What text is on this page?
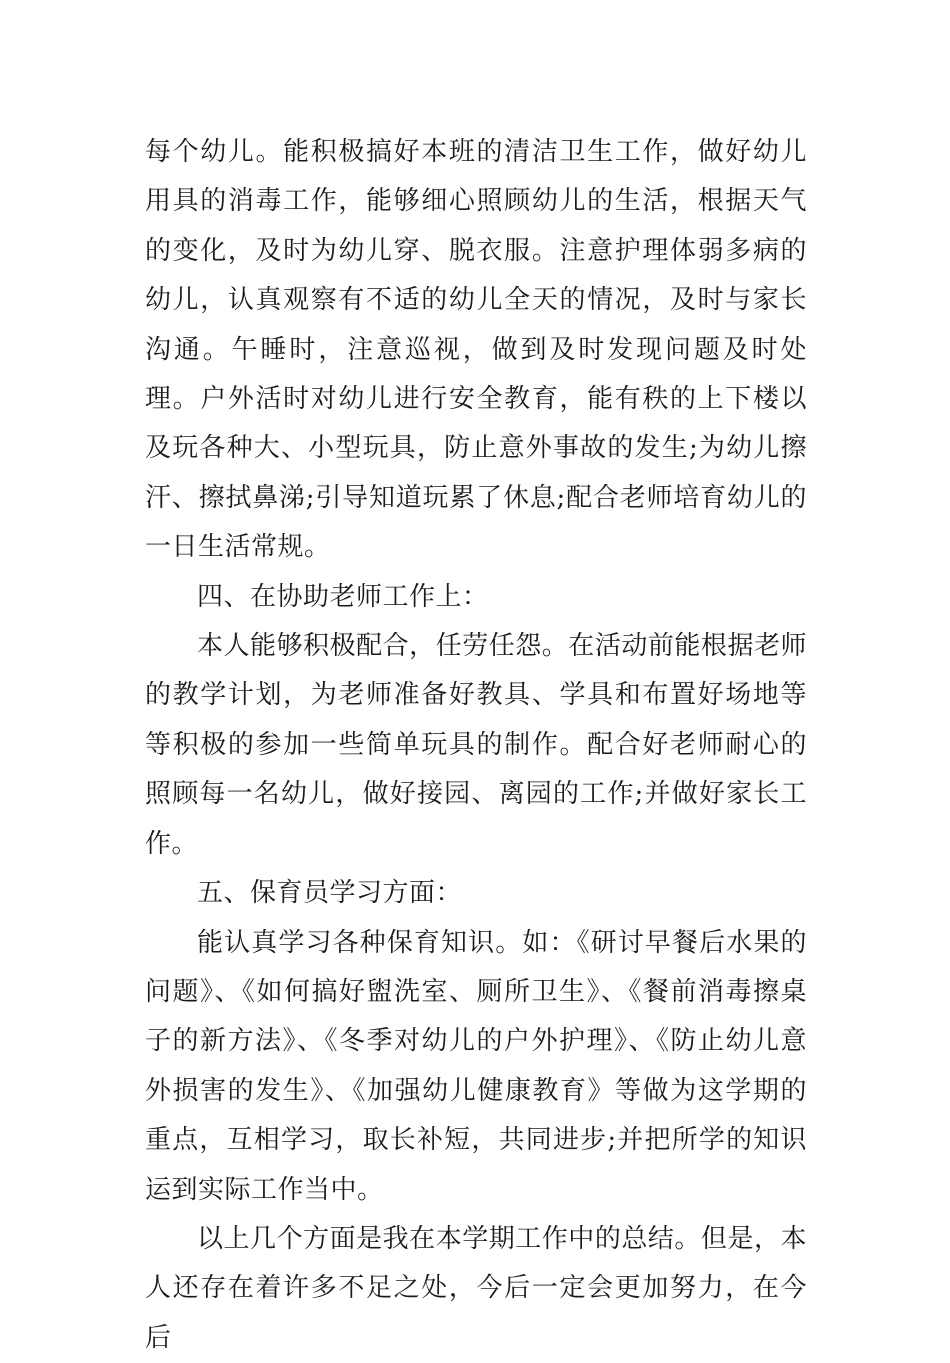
每个幼儿。能积极搞好本班的清洁卫生工作，做好幼儿用具的消毒工作，能够细心照顾幼儿的生活，根据天气的变化，及时为幼儿穿、脱衣服。注意护理体弱多病的幼儿，认真观察有不适的幼儿全天的情况，及时与家长沟通。午睡时，注意巡视，做到及时发现问题及时处理。户外活时对幼儿进行安全教育，能有秩的上下楼以及玩各种大、小型玩具，防止意外事故的发生;为幼儿擦汗、擦拭鼻涕;引导知道玩累了休息;配合老师培育幼儿的一日生活常规。

四、在协助老师工作上：

本人能够积极配合，任劳任怨。在活动前能根据老师的教学计划，为老师准备好教具、学具和布置好场地等等积极的参加一些简单玩具的制作。配合好老师耐心的照顾每一名幼儿，做好接园、离园的工作;并做好家长工作。

五、保育员学习方面：

能认真学习各种保育知识。如：《研讨早餐后水果的问题》、《如何搞好盥洗室、厕所卫生》、《餐前消毒擦桌子的新方法》、《冬季对幼儿的户外护理》、《防止幼儿意外损害的发生》、《加强幼儿健康教育》等做为这学期的重点，互相学习，取长补短，共同进步;并把所学的知识运到实际工作当中。

以上几个方面是我在本学期工作中的总结。但是，本人还存在着许多不足之处，今后一定会更加努力，在今后
